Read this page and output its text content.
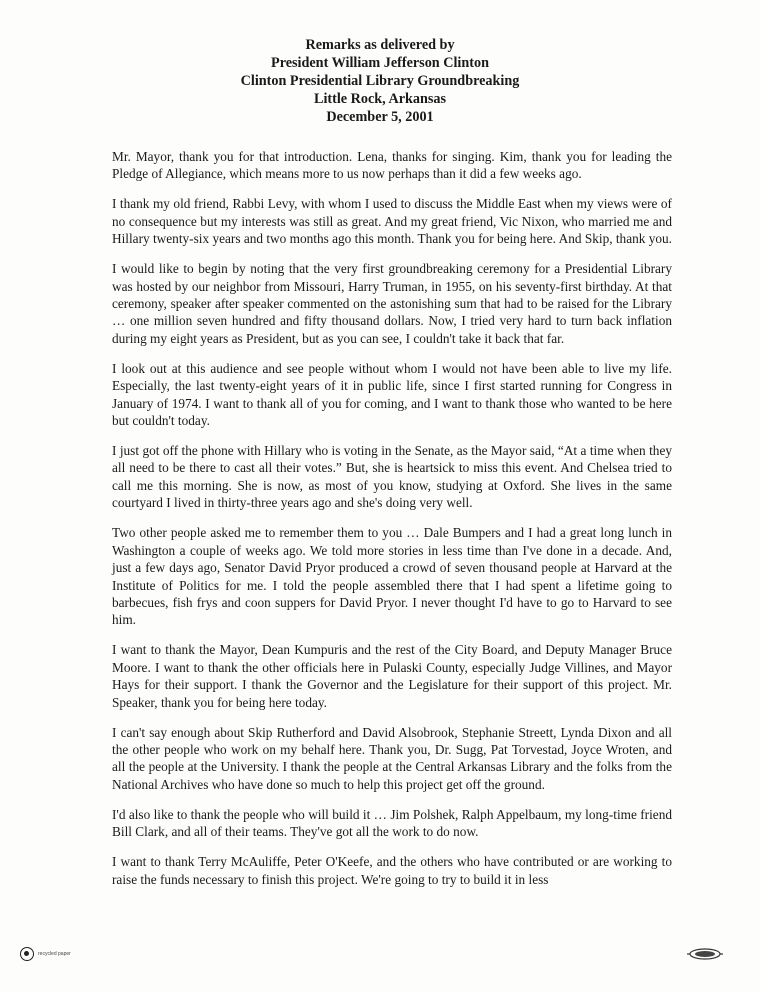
Remarks as delivered by
President William Jefferson Clinton
Clinton Presidential Library Groundbreaking
Little Rock, Arkansas
December 5, 2001

Mr. Mayor, thank you for that introduction. Lena, thanks for singing. Kim, thank you for leading the Pledge of Allegiance, which means more to us now perhaps than it did a few weeks ago.

I thank my old friend, Rabbi Levy, with whom I used to discuss the Middle East when my views were of no consequence but my interests was still as great. And my great friend, Vic Nixon, who married me and Hillary twenty-six years and two months ago this month. Thank you for being here. And Skip, thank you.

I would like to begin by noting that the very first groundbreaking ceremony for a Presidential Library was hosted by our neighbor from Missouri, Harry Truman, in 1955, on his seventy-first birthday. At that ceremony, speaker after speaker commented on the astonishing sum that had to be raised for the Library … one million seven hundred and fifty thousand dollars. Now, I tried very hard to turn back inflation during my eight years as President, but as you can see, I couldn't take it back that far.

I look out at this audience and see people without whom I would not have been able to live my life. Especially, the last twenty-eight years of it in public life, since I first started running for Congress in January of 1974. I want to thank all of you for coming, and I want to thank those who wanted to be here but couldn't today.

I just got off the phone with Hillary who is voting in the Senate, as the Mayor said, “At a time when they all need to be there to cast all their votes.” But, she is heartsick to miss this event. And Chelsea tried to call me this morning. She is now, as most of you know, studying at Oxford. She lives in the same courtyard I lived in thirty-three years ago and she's doing very well.

Two other people asked me to remember them to you … Dale Bumpers and I had a great long lunch in Washington a couple of weeks ago. We told more stories in less time than I've done in a decade. And, just a few days ago, Senator David Pryor produced a crowd of seven thousand people at Harvard at the Institute of Politics for me. I told the people assembled there that I had spent a lifetime going to barbecues, fish frys and coon suppers for David Pryor. I never thought I'd have to go to Harvard to see him.

I want to thank the Mayor, Dean Kumpuris and the rest of the City Board, and Deputy Manager Bruce Moore. I want to thank the other officials here in Pulaski County, especially Judge Villines, and Mayor Hays for their support. I thank the Governor and the Legislature for their support of this project. Mr. Speaker, thank you for being here today.

I can't say enough about Skip Rutherford and David Alsobrook, Stephanie Streett, Lynda Dixon and all the other people who work on my behalf here. Thank you, Dr. Sugg, Pat Torvestad, Joyce Wroten, and all the people at the University. I thank the people at the Central Arkansas Library and the folks from the National Archives who have done so much to help this project get off the ground.

I'd also like to thank the people who will build it … Jim Polshek, Ralph Appelbaum, my long-time friend Bill Clark, and all of their teams. They've got all the work to do now.

I want to thank Terry McAuliffe, Peter O'Keefe, and the others who have contributed or are working to raise the funds necessary to finish this project. We're going to try to build it in less

recycled paper
